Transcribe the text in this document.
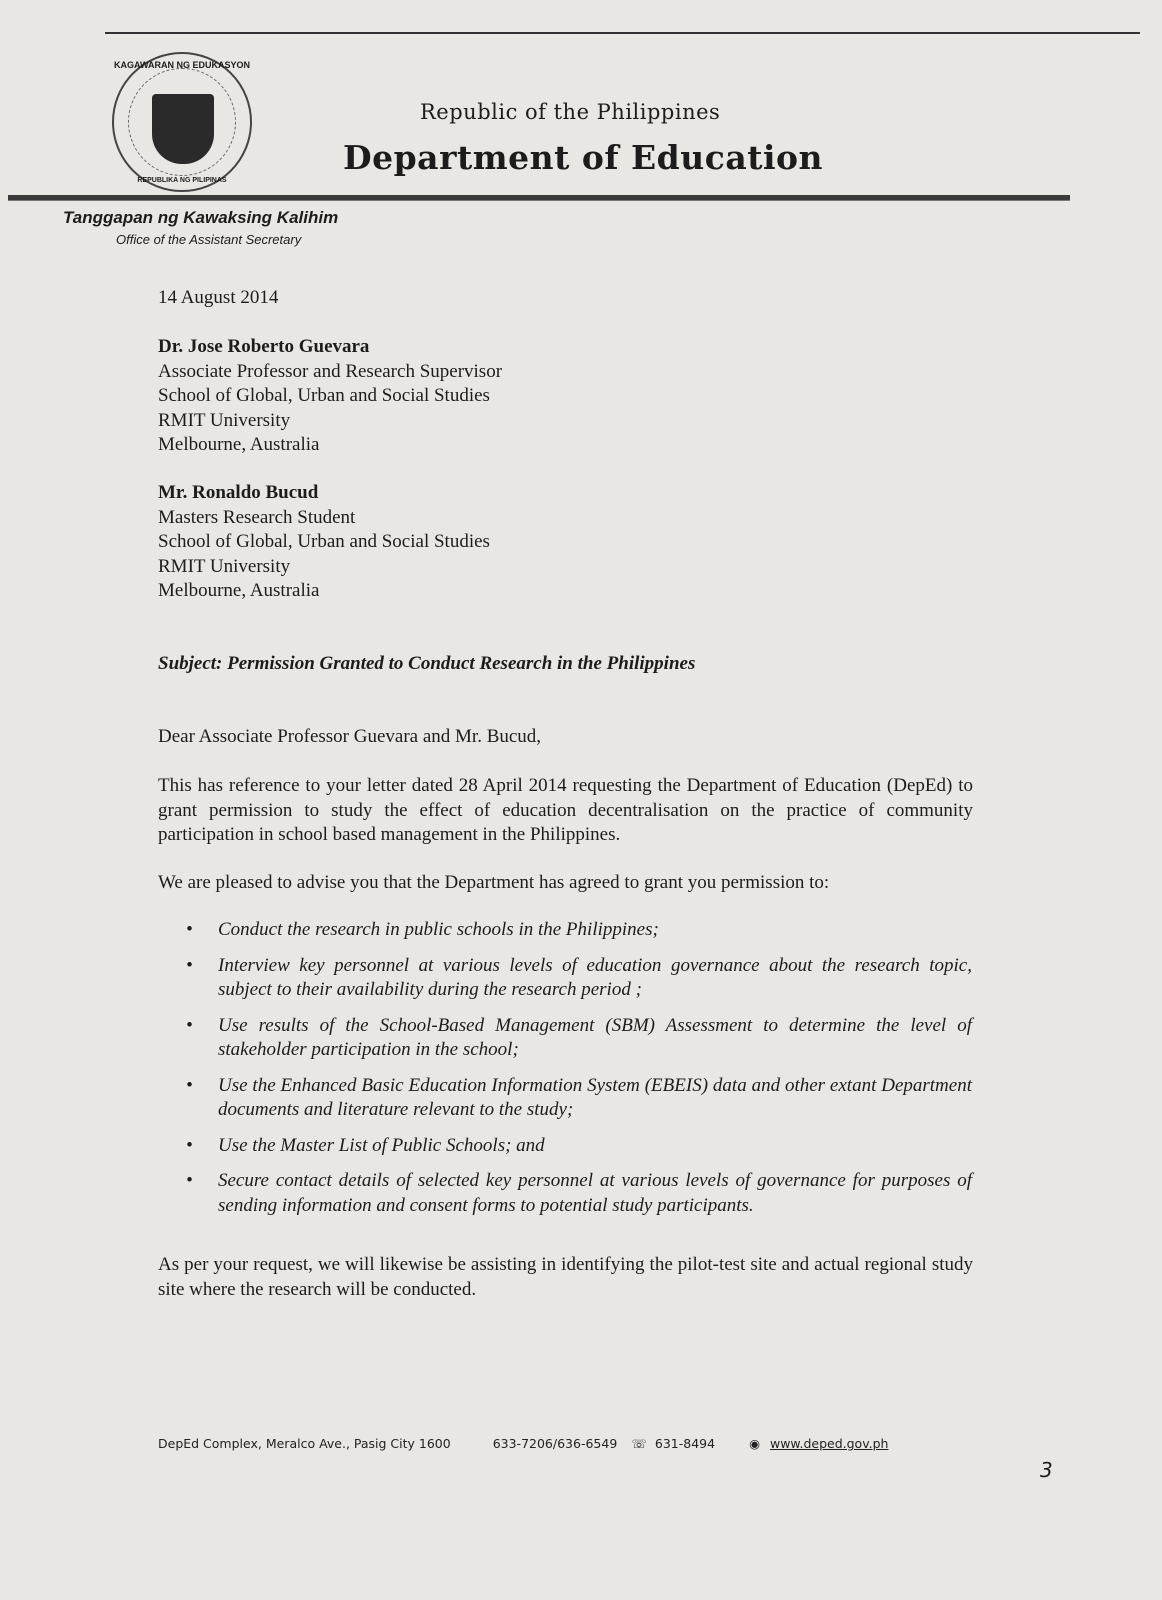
KAGAWARAN NG EDUKASYON
REPUBLIKA NG PILIPINAS
Republic of the Philippines
Department of Education
Tanggapan ng Kawaksing Kalihim
Office of the Assistant Secretary
14 August 2014
Dr. Jose Roberto Guevara
Associate Professor and Research Supervisor
School of Global, Urban and Social Studies
RMIT University
Melbourne, Australia
Mr. Ronaldo Bucud
Masters Research Student
School of Global, Urban and Social Studies
RMIT University
Melbourne, Australia
Subject: Permission Granted to Conduct Research in the Philippines
Dear Associate Professor Guevara and Mr. Bucud,
This has reference to your letter dated 28 April 2014 requesting the Department of Education (DepEd) to grant permission to study the effect of education decentralisation on the practice of community participation in school based management in the Philippines.
We are pleased to advise you that the Department has agreed to grant you permission to:
• Conduct the research in public schools in the Philippines;
• Interview key personnel at various levels of education governance about the research topic, subject to their availability during the research period ;
• Use results of the School-Based Management (SBM) Assessment to determine the level of stakeholder participation in the school;
• Use the Enhanced Basic Education Information System (EBEIS) data and other extant Department documents and literature relevant to the study;
• Use the Master List of Public Schools; and
• Secure contact details of selected key personnel at various levels of governance for purposes of sending information and consent forms to potential study participants.
As per your request, we will likewise be assisting in identifying the pilot-test site and actual regional study site where the research will be conducted.
DepEd Complex, Meralco Ave., Pasig City 1600	633-7206/636-6549 ☏ 631-8494	◉ www.deped.gov.ph
3
